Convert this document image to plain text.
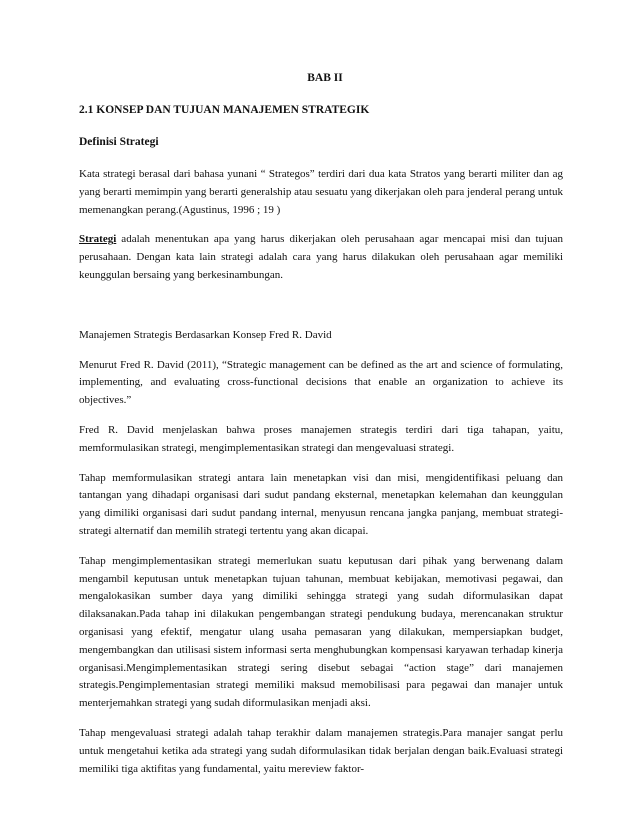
BAB II
2.1 KONSEP DAN TUJUAN MANAJEMEN STRATEGIK
Definisi Strategi

Kata strategi berasal dari bahasa yunani “ Strategos” terdiri dari dua kata Stratos yang berarti militer dan ag yang berarti memimpin yang berarti generalship atau sesuatu yang dikerjakan oleh para jenderal perang untuk memenangkan perang.(Agustinus, 1996 ; 19 )

Strategi adalah menentukan apa yang harus dikerjakan oleh perusahaan agar mencapai misi dan tujuan perusahaan. Dengan kata lain strategi adalah cara yang harus dilakukan oleh perusahaan agar memiliki keunggulan bersaing yang berkesinambungan.

Manajemen Strategis Berdasarkan Konsep Fred R. David

Menurut Fred R. David (2011), “Strategic management can be defined as the art and science of formulating, implementing, and evaluating cross-functional decisions that enable an organization to achieve its objectives.”

Fred R. David menjelaskan bahwa proses manajemen strategis terdiri dari tiga tahapan, yaitu, memformulasikan strategi, mengimplementasikan strategi dan mengevaluasi strategi.

Tahap memformulasikan strategi antara lain menetapkan visi dan misi, mengidentifikasi peluang dan tantangan yang dihadapi organisasi dari sudut pandang eksternal, menetapkan kelemahan dan keunggulan yang dimiliki organisasi dari sudut pandang internal, menyusun rencana jangka panjang, membuat strategi-strategi alternatif dan memilih strategi tertentu yang akan dicapai.

Tahap mengimplementasikan strategi memerlukan suatu keputusan dari pihak yang berwenang dalam mengambil keputusan untuk menetapkan tujuan tahunan, membuat kebijakan, memotivasi pegawai, dan mengalokasikan sumber daya yang dimiliki sehingga strategi yang sudah diformulasikan dapat dilaksanakan.Pada tahap ini dilakukan pengembangan strategi pendukung budaya, merencanakan struktur organisasi yang efektif, mengatur ulang usaha pemasaran yang dilakukan, mempersiapkan budget, mengembangkan dan utilisasi sistem informasi serta menghubungkan kompensasi karyawan terhadap kinerja organisasi.Mengimplementasikan strategi sering disebut sebagai “action stage” dari manajemen strategis.Pengimplementasian strategi memiliki maksud memobilisasi para pegawai dan manajer untuk menterjemahkan strategi yang sudah diformulasikan menjadi aksi.

Tahap mengevaluasi strategi adalah tahap terakhir dalam manajemen strategis.Para manajer sangat perlu untuk mengetahui ketika ada strategi yang sudah diformulasikan tidak berjalan dengan baik.Evaluasi strategi memiliki tiga aktifitas yang fundamental, yaitu mereview faktor-
